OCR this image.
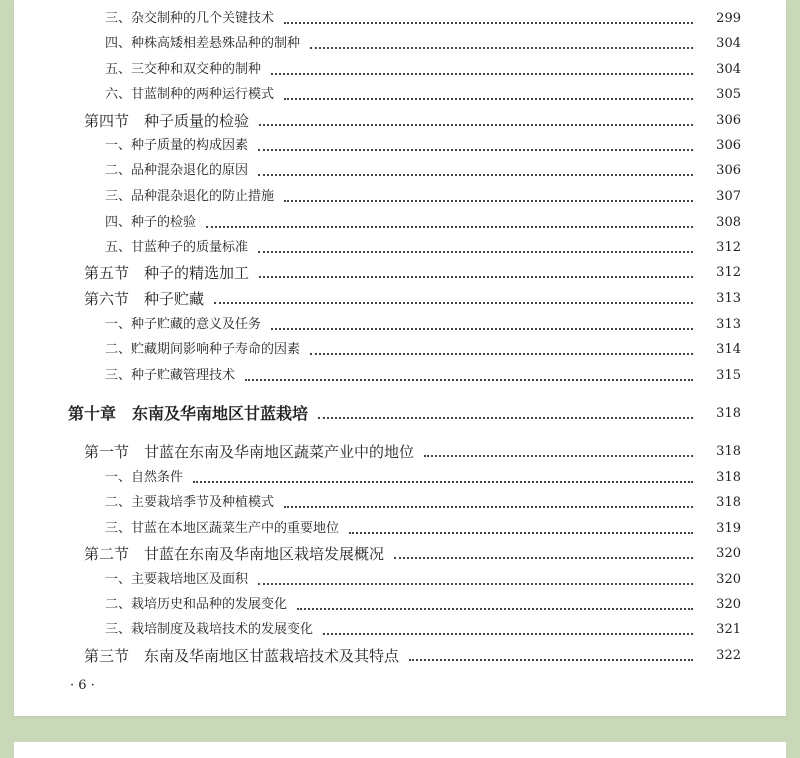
三、杂交制种的几个关键技术	299
四、种株高矮相差悬殊品种的制种	304
五、三交种和双交种的制种	304
六、甘蓝制种的两种运行模式	305
第四节　种子质量的检验	306
一、种子质量的构成因素	306
二、品种混杂退化的原因	306
三、品种混杂退化的防止措施	307
四、种子的检验	308
五、甘蓝种子的质量标准	312
第五节　种子的精选加工	312
第六节　种子贮藏	313
一、种子贮藏的意义及任务	313
二、贮藏期间影响种子寿命的因素	314
三、种子贮藏管理技术	315
第十章　东南及华南地区甘蓝栽培	318
第一节　甘蓝在东南及华南地区蔬菜产业中的地位	318
一、自然条件	318
二、主要栽培季节及种植模式	318
三、甘蓝在本地区蔬菜生产中的重要地位	319
第二节　甘蓝在东南及华南地区栽培发展概况	320
一、主要栽培地区及面积	320
二、栽培历史和品种的发展变化	320
三、栽培制度及栽培技术的发展变化	321
第三节　东南及华南地区甘蓝栽培技术及其特点	322
· 6 ·
